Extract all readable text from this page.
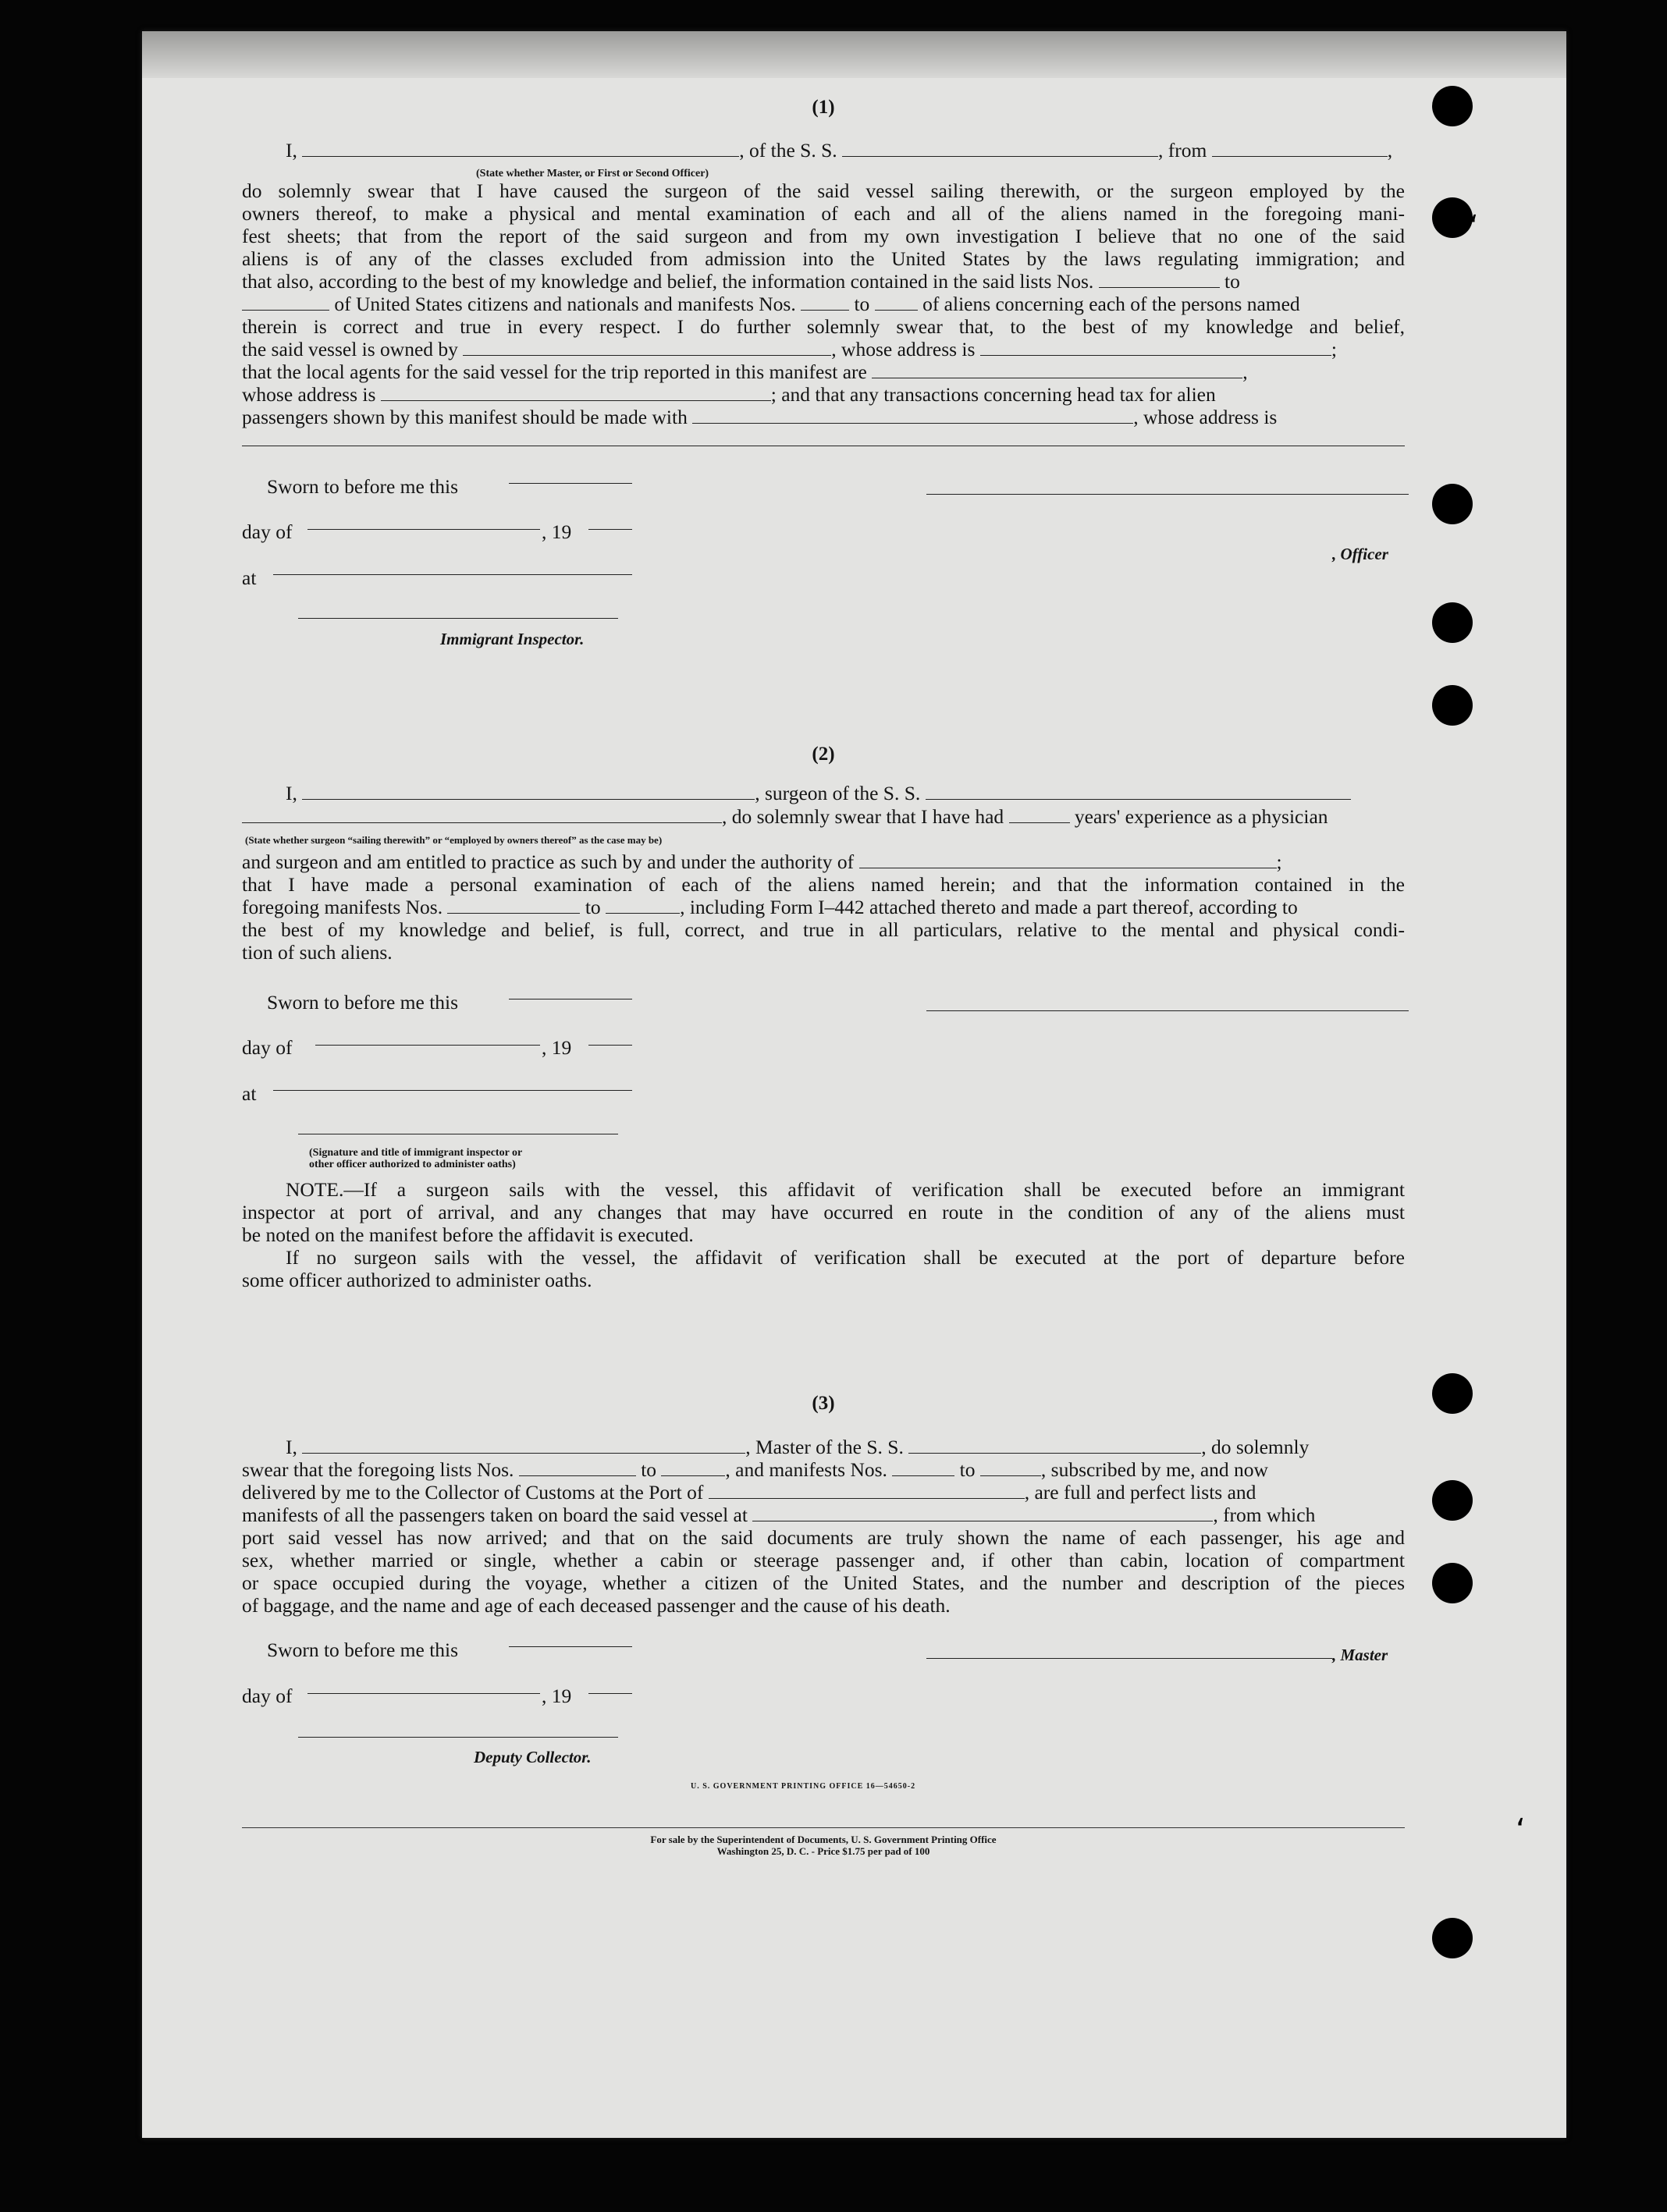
‘
‘
(1)
I,	, of the S. S.	, from	,
(State whether Master, or First or Second Officer)
do solemnly swear that I have caused the surgeon of the said vessel sailing therewith, or the surgeon employed by the
owners thereof, to make a physical and mental examination of each and all of the aliens named in the foregoing mani-
fest sheets; that from the report of the said surgeon and from my own investigation I believe that no one of the said
aliens is of any of the classes excluded from admission into the United States by the laws regulating immigration; and
that also, according to the best of my knowledge and belief, the information contained in the said lists Nos.	to
of United States citizens and nationals and manifests Nos.	to	of aliens concerning each of the persons named
therein is correct and true in every respect. I do further solemnly swear that, to the best of my knowledge and belief,
the said vessel is owned by	, whose address is	;
that the local agents for the said vessel for the trip reported in this manifest are	,
whose address is	; and that any transactions concerning head tax for alien
passengers shown by this manifest should be made with	, whose address is
Sworn to before me this
day of	, 19
at
Immigrant Inspector.
, Officer
(2)
I,	, surgeon of the S. S.
, do solemnly swear that I have had	years' experience as a physician
(State whether surgeon “sailing therewith” or “employed by owners thereof” as the case may be)
and surgeon and am entitled to practice as such by and under the authority of	;
that I have made a personal examination of each of the aliens named herein; and that the information contained in the
foregoing manifests Nos.	to	, including Form I–442 attached thereto and made a part thereof, according to
the best of my knowledge and belief, is full, correct, and true in all particulars, relative to the mental and physical condi-
tion of such aliens.
Sworn to before me this
day of	, 19
at
(Signature and title of immigrant inspector or
other officer authorized to administer oaths)
NOTE.—If a surgeon sails with the vessel, this affidavit of verification shall be executed before an immigrant
inspector at port of arrival, and any changes that may have occurred en route in the condition of any of the aliens must
be noted on the manifest before the affidavit is executed.
If no surgeon sails with the vessel, the affidavit of verification shall be executed at the port of departure before
some officer authorized to administer oaths.
(3)
I,	, Master of the S. S.	, do solemnly
swear that the foregoing lists Nos.	to	, and manifests Nos.	to	, subscribed by me, and now
delivered by me to the Collector of Customs at the Port of	, are full and perfect lists and
manifests of all the passengers taken on board the said vessel at	, from which
port said vessel has now arrived; and that on the said documents are truly shown the name of each passenger, his age and
sex, whether married or single, whether a cabin or steerage passenger and, if other than cabin, location of compartment
or space occupied during the voyage, whether a citizen of the United States, and the number and description of the pieces
of baggage, and the name and age of each deceased passenger and the cause of his death.
Sworn to before me this
day of	, 19
Deputy Collector.
, Master
U. S. GOVERNMENT PRINTING OFFICE 16—54650-2
For sale by the Superintendent of Documents, U. S. Government Printing Office
Washington 25, D. C. - Price $1.75 per pad of 100
